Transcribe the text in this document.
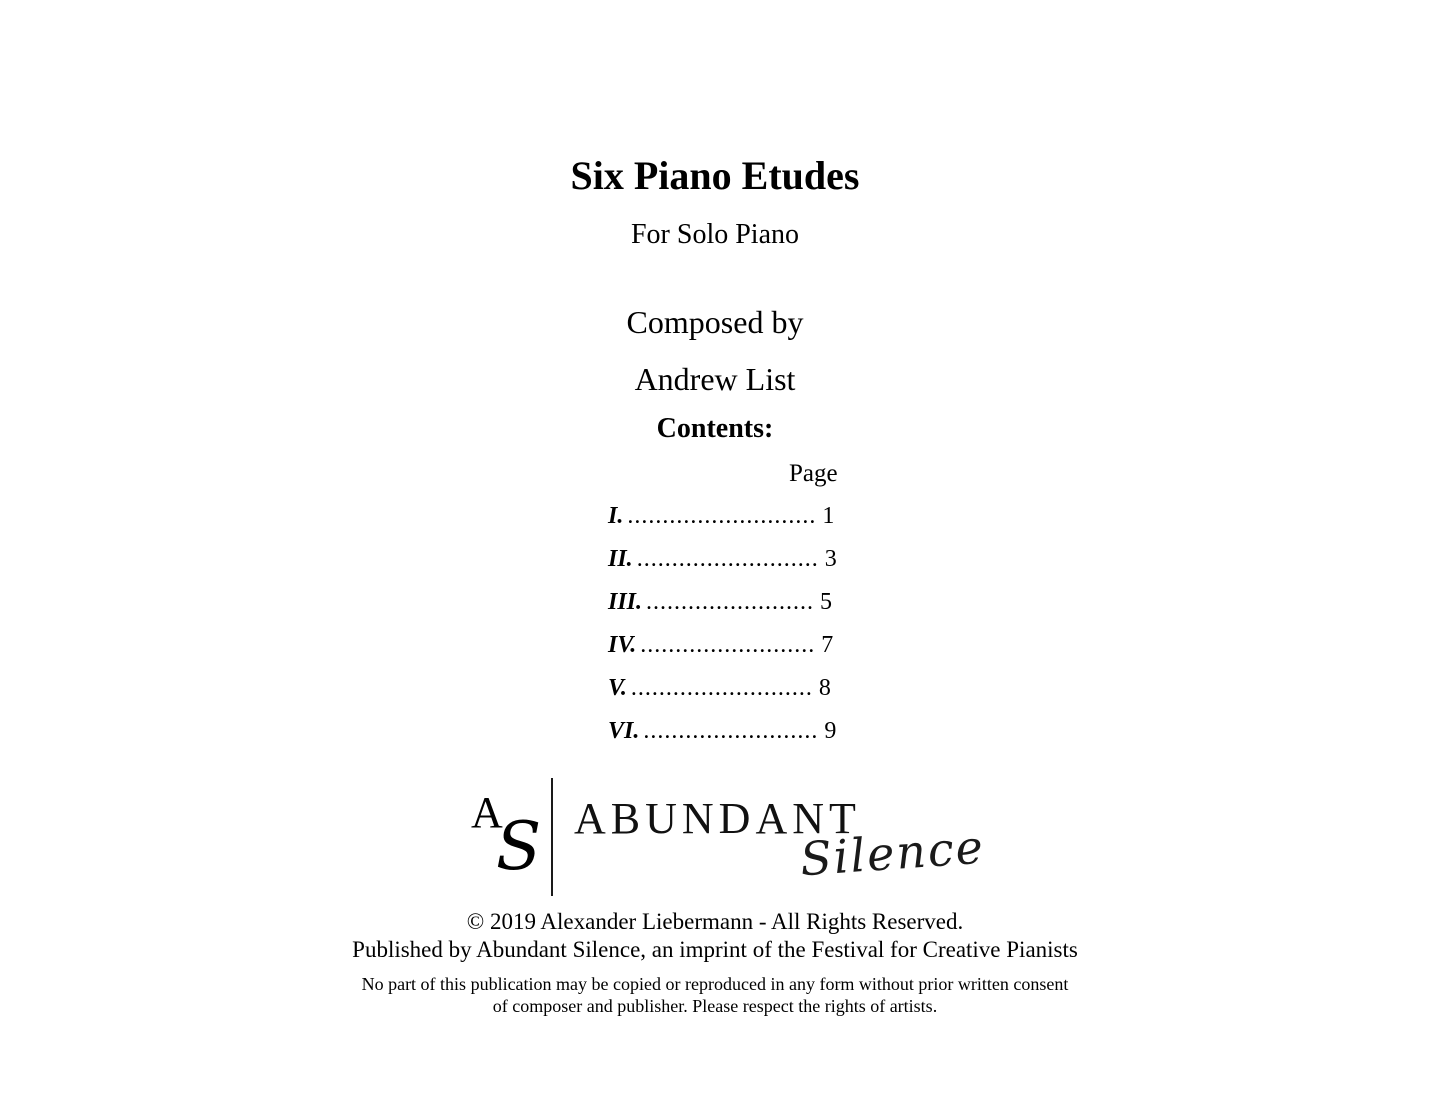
Six Piano Etudes
For Solo Piano
Composed by
Andrew List
Contents:
Page
I. ........................... 1
II. .......................... 3
III. ........................ 5
IV. ......................... 7
V. .......................... 8
VI. ......................... 9
A
S ABUNDANT
Silence
© 2019 Alexander Liebermann - All Rights Reserved.
Published by Abundant Silence, an imprint of the Festival for Creative Pianists
No part of this publication may be copied or reproduced in any form without prior written consent
of composer and publisher. Please respect the rights of artists.
